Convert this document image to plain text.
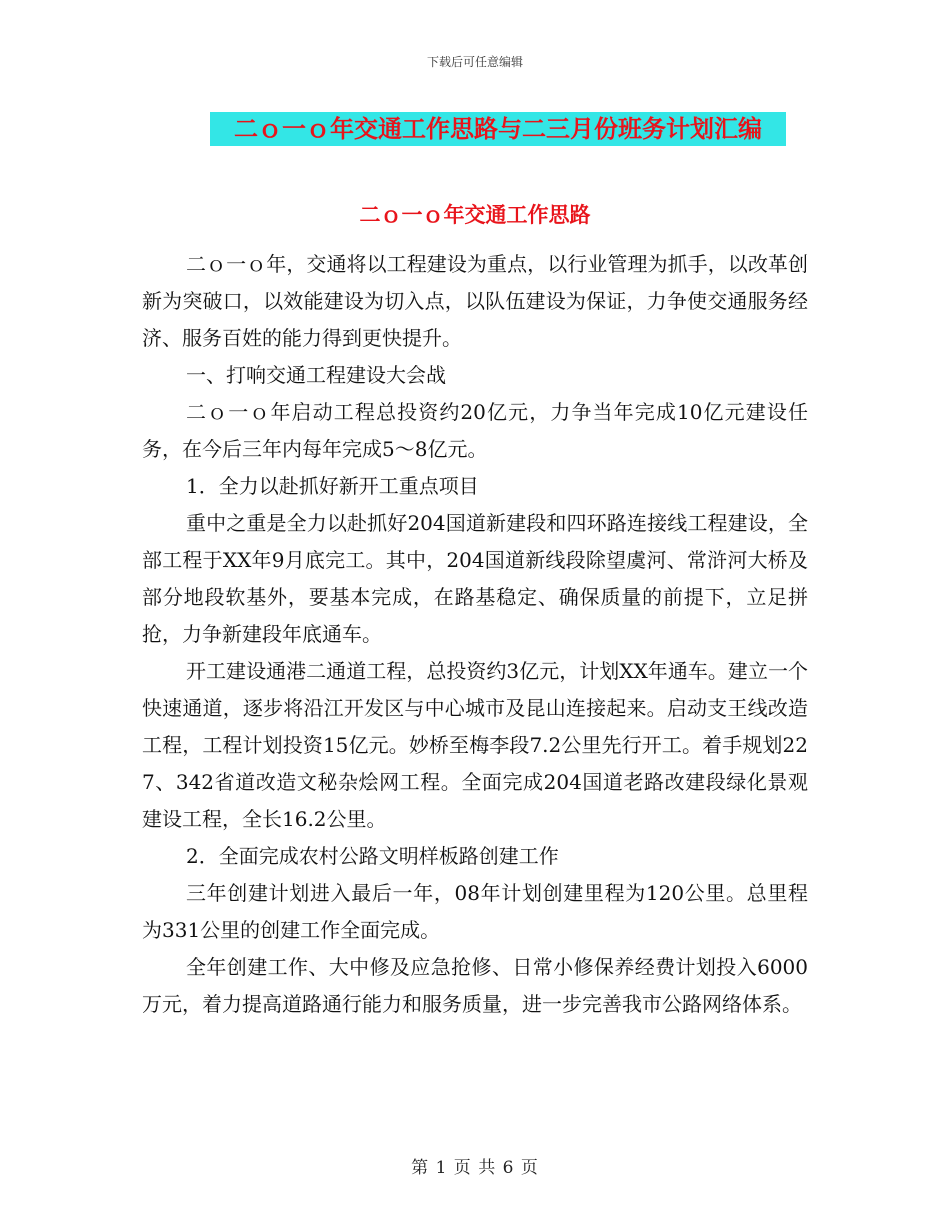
下载后可任意编辑
二ｏ一ｏ年交通工作思路与二三月份班务计划汇编
二ｏ一ｏ年交通工作思路

二ｏ一ｏ年，交通将以工程建设为重点，以行业管理为抓手，以改革创新为突破口，以效能建设为切入点，以队伍建设为保证，力争使交通服务经济、服务百姓的能力得到更快提升。

一、打响交通工程建设大会战

二ｏ一ｏ年启动工程总投资约20亿元，力争当年完成10亿元建设任务，在今后三年内每年完成5～8亿元。

1．全力以赴抓好新开工重点项目

重中之重是全力以赴抓好204国道新建段和四环路连接线工程建设，全部工程于XX年9月底完工。其中，204国道新线段除望虞河、常浒河大桥及部分地段软基外，要基本完成，在路基稳定、确保质量的前提下，立足拼抢，力争新建段年底通车。

开工建设通港二通道工程，总投资约3亿元，计划XX年通车。建立一个快速通道，逐步将沿江开发区与中心城市及昆山连接起来。启动支王线改造工程，工程计划投资15亿元。妙桥至梅李段7.2公里先行开工。着手规划227、342省道改造文秘杂烩网工程。全面完成204国道老路改建段绿化景观建设工程，全长16.2公里。

2．全面完成农村公路文明样板路创建工作

三年创建计划进入最后一年，08年计划创建里程为120公里。总里程为331公里的创建工作全面完成。

全年创建工作、大中修及应急抢修、日常小修保养经费计划投入6000万元，着力提高道路通行能力和服务质量，进一步完善我市公路网络体系。

第 1 页 共 6 页
